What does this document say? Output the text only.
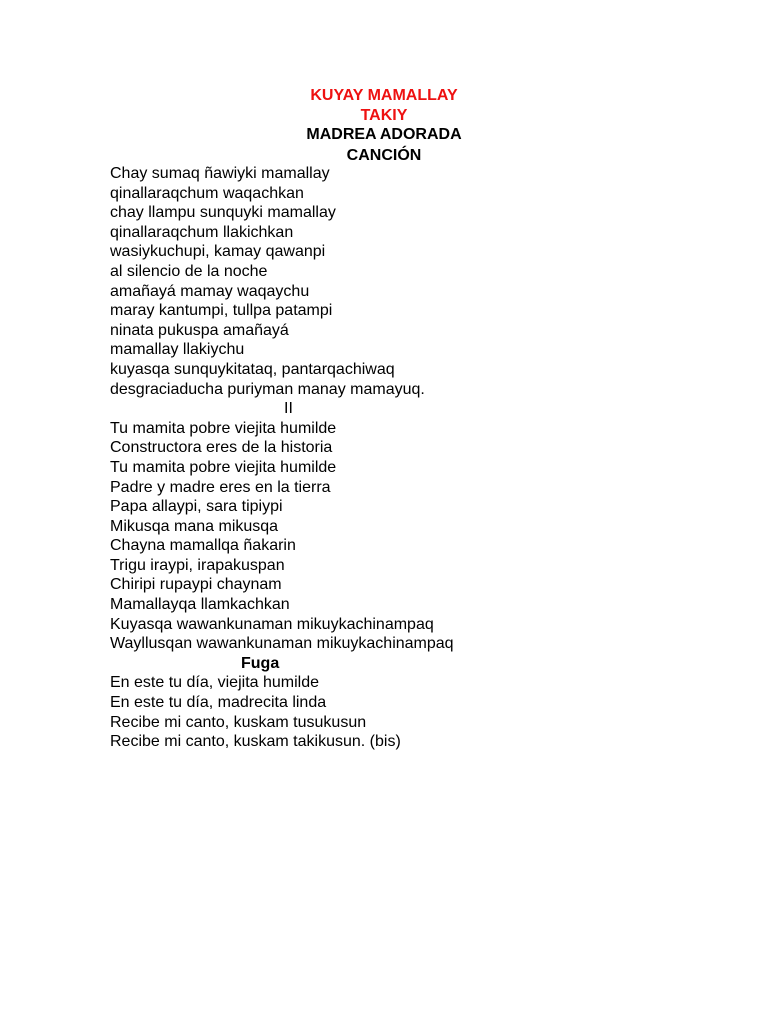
KUYAY MAMALLAY
TAKIY
MADREA ADORADA
CANCIÓN
Chay sumaq ñawiyki mamallay
qinallaraqchum waqachkan
chay llampu sunquyki mamallay
qinallaraqchum llakichkan
wasiykuchupi, kamay qawanpi
al silencio de la noche
amañayá mamay waqaychu
maray kantumpi, tullpa patampi
ninata pukuspa amañayá
mamallay llakiychu
kuyasqa sunquykitataq, pantarqachiwaq
desgraciaducha puriyman manay mamayuq.
II
Tu mamita pobre viejita humilde
Constructora eres de la historia
Tu mamita pobre viejita humilde
Padre y madre eres en la tierra
Papa allaypi, sara tipiypi
Mikusqa mana mikusqa
Chayna mamallqa ñakarin
Trigu iraypi, irapakuspan
Chiripi rupaypi chaynam
Mamallayqa llamkachkan
Kuyasqa wawankunaman mikuykachinampaq
Wayllusqan wawankunaman mikuykachinampaq
Fuga
En este tu día, viejita humilde
En este tu día, madrecita linda
Recibe mi canto, kuskam tusukusun
Recibe mi canto, kuskam takikusun. (bis)
